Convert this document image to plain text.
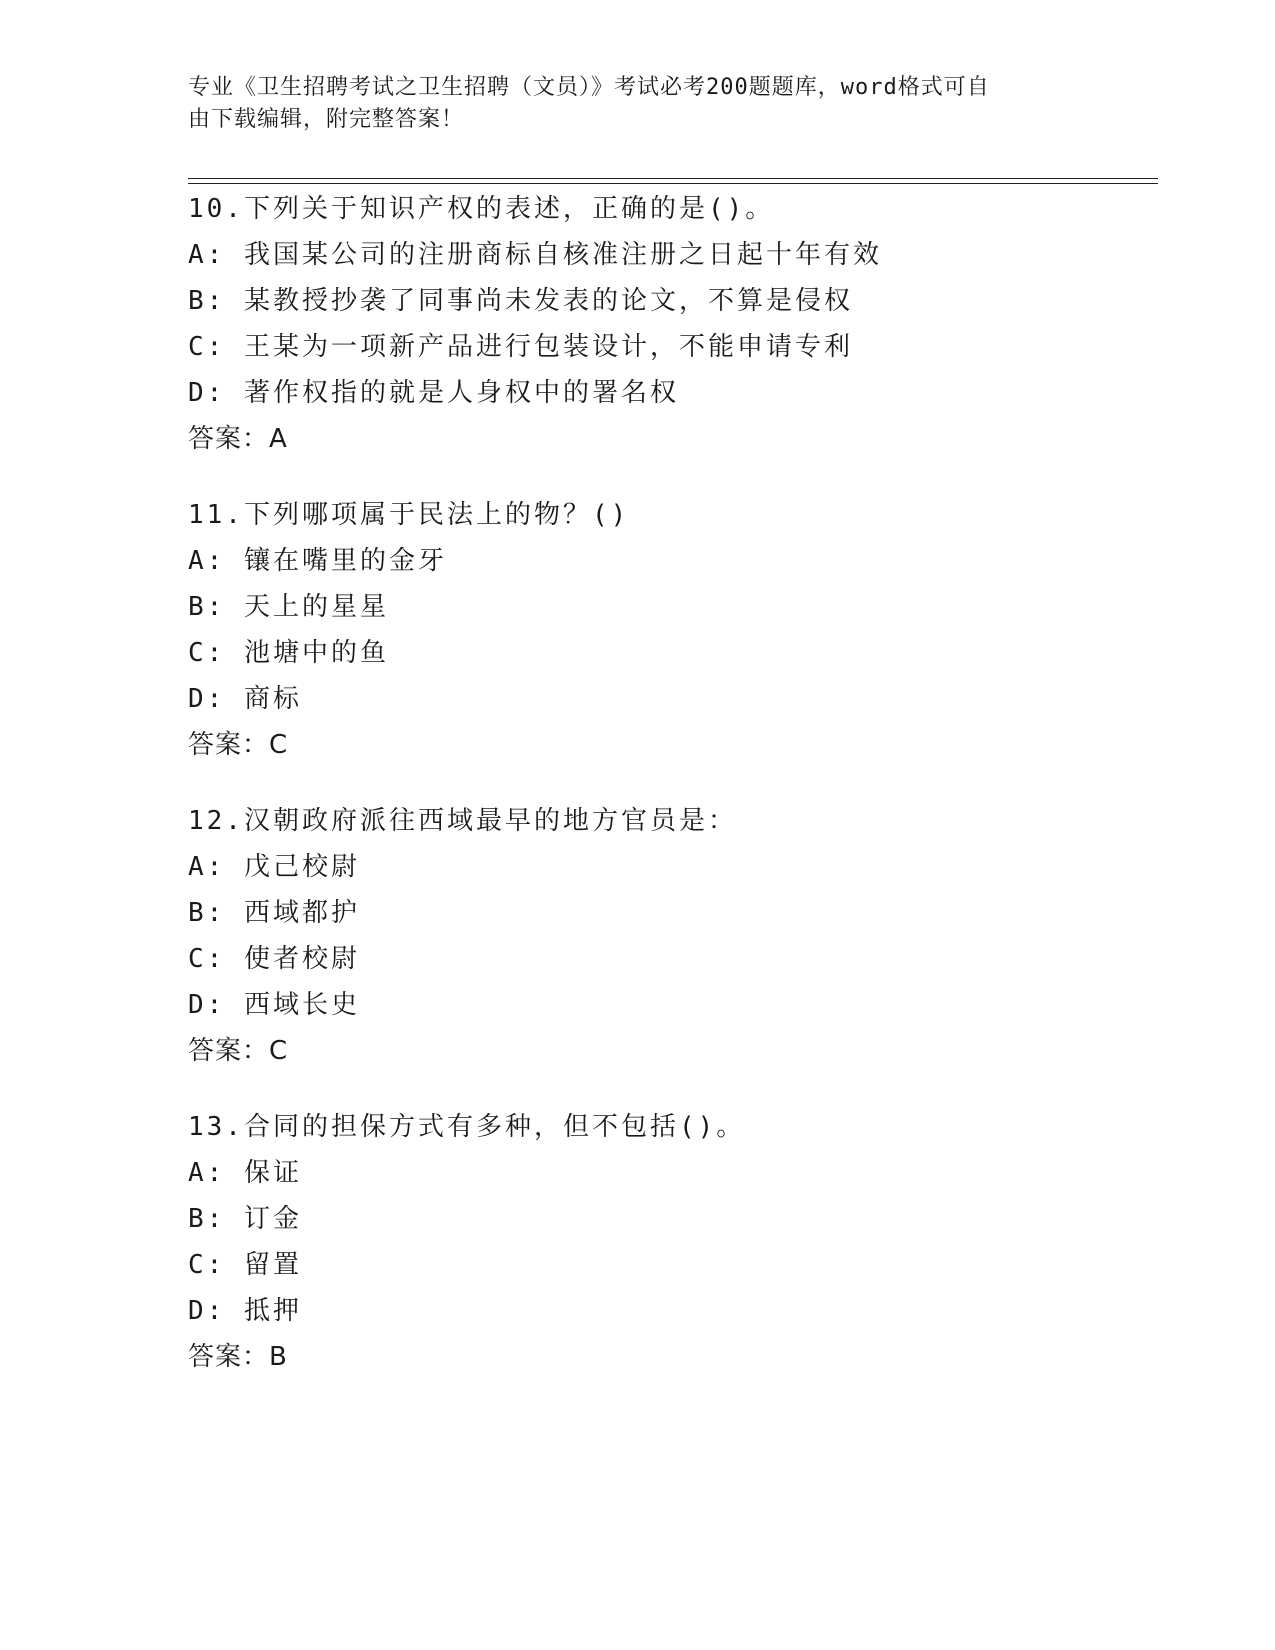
专业《卫生招聘考试之卫生招聘（文员）》考试必考200题题库，word格式可自
由下载编辑，附完整答案！
10.下列关于知识产权的表述，正确的是()。
A: 我国某公司的注册商标自核准注册之日起十年有效
B: 某教授抄袭了同事尚未发表的论文，不算是侵权
C: 王某为一项新产品进行包装设计，不能申请专利
D: 著作权指的就是人身权中的署名权
答案：A
11.下列哪项属于民法上的物？()
A: 镶在嘴里的金牙
B: 天上的星星
C: 池塘中的鱼
D: 商标
答案：C
12.汉朝政府派往西域最早的地方官员是：
A: 戊己校尉
B: 西域都护
C: 使者校尉
D: 西域长史
答案：C
13.合同的担保方式有多种，但不包括()。
A: 保证
B: 订金
C: 留置
D: 抵押
答案：B
